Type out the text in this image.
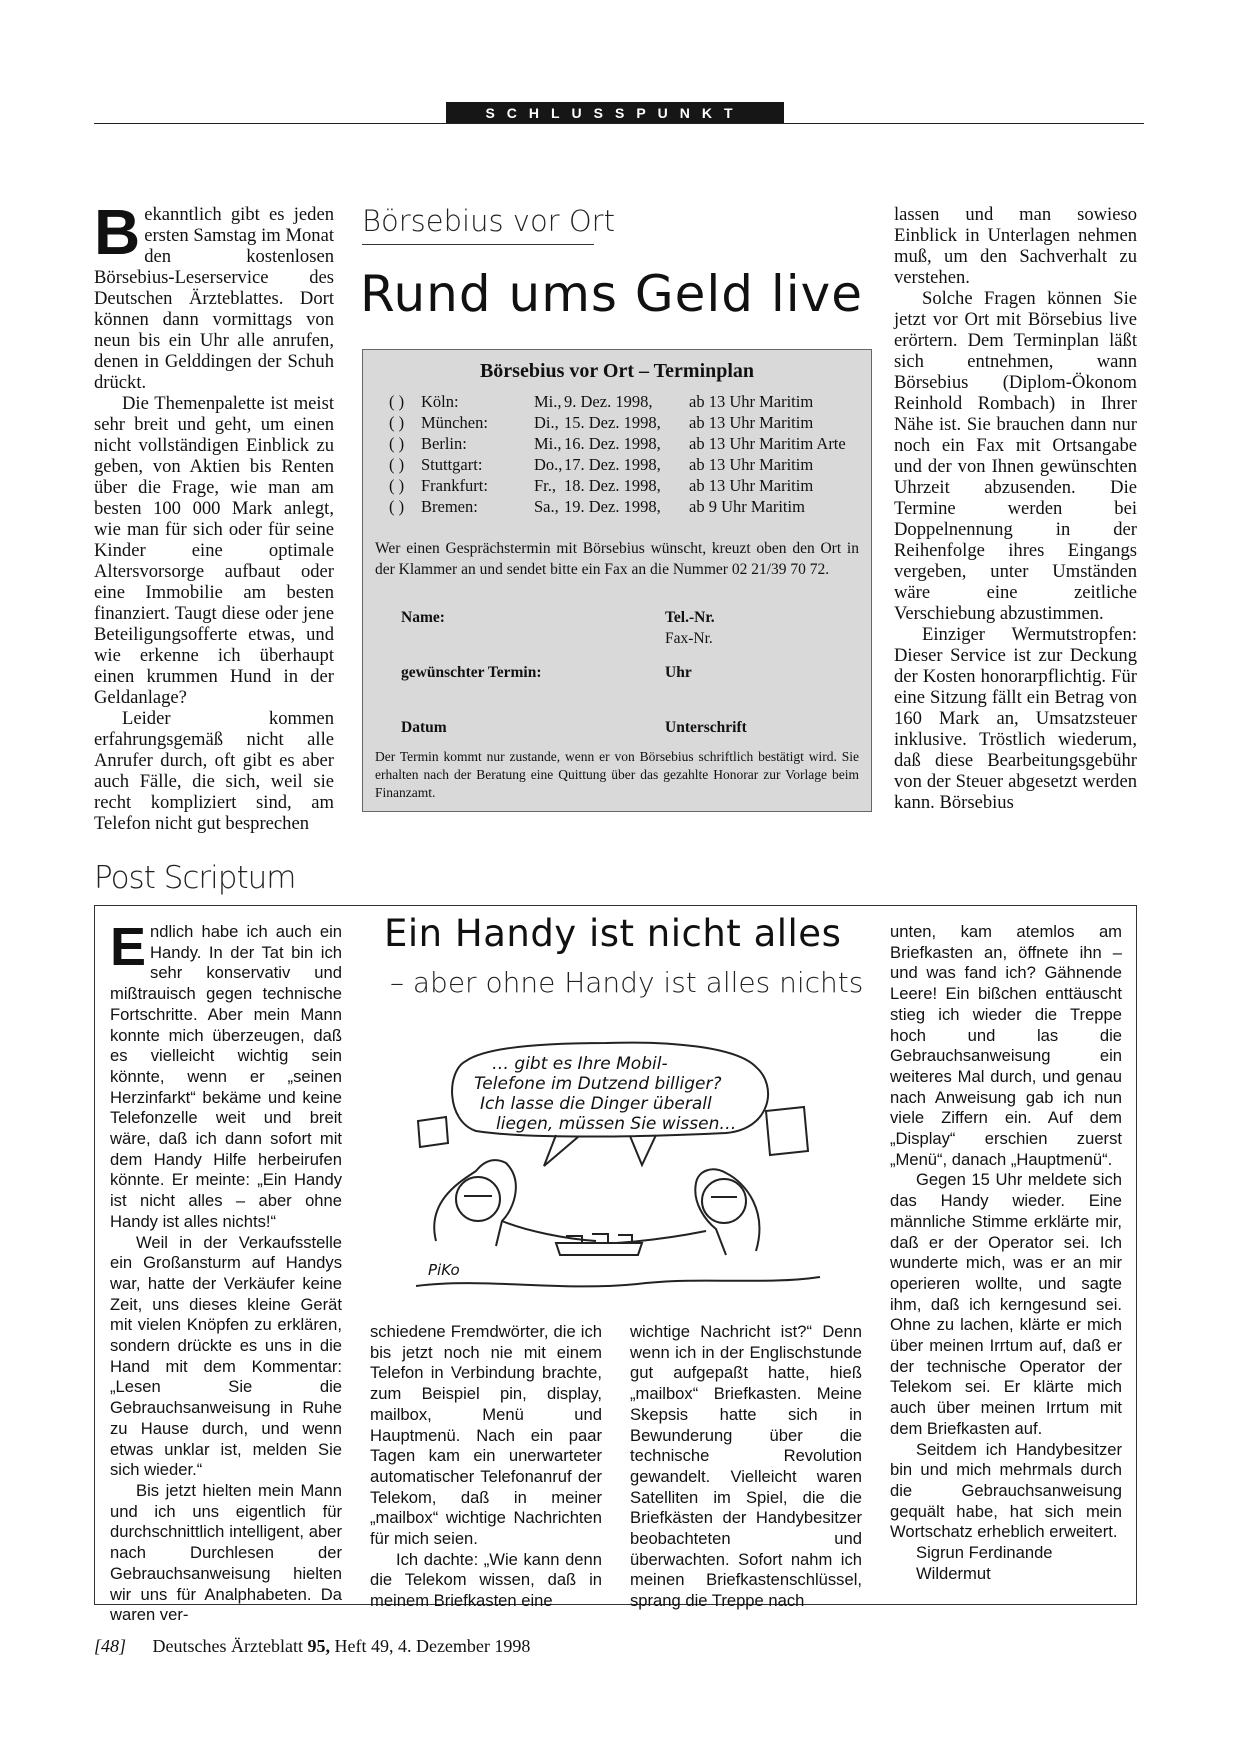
SCHLUSSPUNKT
B ekanntlich gibt es jeden ersten Samstag im Monat den kostenlosen Börsebius-Leserservice des Deutschen Ärzteblattes. Dort können dann vormittags von neun bis ein Uhr alle anrufen, denen in Gelddingen der Schuh drückt.

Die Themenpalette ist meist sehr breit und geht, um einen nicht vollständigen Einblick zu geben, von Aktien bis Renten über die Frage, wie man am besten 100 000 Mark anlegt, wie man für sich oder für seine Kinder eine optimale Altersvorsorge aufbaut oder eine Immobilie am besten finanziert. Taugt diese oder jene Beteiligungsofferte etwas, und wie erkenne ich überhaupt einen krummen Hund in der Geldanlage?

Leider kommen erfahrungsgemäß nicht alle Anrufer durch, oft gibt es aber auch Fälle, die sich, weil sie recht kompliziert sind, am Telefon nicht gut besprechen

Börsebius vor Ort
Rund ums Geld live
Börsebius vor Ort – Terminplan
( ) Köln:	Mi., 9. Dez. 1998, ab 13 Uhr Maritim
( ) München:	Di., 15. Dez. 1998, ab 13 Uhr Maritim
( ) Berlin:	Mi., 16. Dez. 1998, ab 13 Uhr Maritim Arte
( ) Stuttgart:	Do., 17. Dez. 1998, ab 13 Uhr Maritim
( ) Frankfurt:	Fr., 18. Dez. 1998, ab 13 Uhr Maritim
( ) Bremen:	Sa., 19. Dez. 1998, ab 9 Uhr Maritim
Wer einen Gesprächstermin mit Börsebius wünscht, kreuzt oben den Ort in der Klammer an und sendet bitte ein Fax an die Nummer 02 21/39 70 72.
Name:	Tel.-Nr.
Fax-Nr.
gewünschter Termin:	Uhr
Datum	Unterschrift
Der Termin kommt nur zustande, wenn er von Börsebius schriftlich bestätigt wird. Sie erhalten nach der Beratung eine Quittung über das gezahlte Honorar zur Vorlage beim Finanzamt.

lassen und man sowieso Einblick in Unterlagen nehmen muß, um den Sachverhalt zu verstehen.

Solche Fragen können Sie jetzt vor Ort mit Börsebius live erörtern. Dem Terminplan läßt sich entnehmen, wann Börsebius (Diplom-Ökonom Reinhold Rombach) in Ihrer Nähe ist. Sie brauchen dann nur noch ein Fax mit Ortsangabe und der von Ihnen gewünschten Uhrzeit abzusenden. Die Termine werden bei Doppelnennung in der Reihenfolge ihres Eingangs vergeben, unter Umständen wäre eine zeitliche Verschiebung abzustimmen.

Einziger Wermutstropfen: Dieser Service ist zur Deckung der Kosten honorarpflichtig. Für eine Sitzung fällt ein Betrag von 160 Mark an, Umsatzsteuer inklusive. Tröstlich wiederum, daß diese Bearbeitungsgebühr von der Steuer abgesetzt werden kann. Börsebius

Post Scriptum
E ndlich habe ich auch ein Handy. In der Tat bin ich sehr konservativ und mißtrauisch gegen technische Fortschritte. Aber mein Mann konnte mich überzeugen, daß es vielleicht wichtig sein könnte, wenn er „seinen Herzinfarkt“ bekäme und keine Telefonzelle weit und breit wäre, daß ich dann sofort mit dem Handy Hilfe herbeirufen könnte. Er meinte: „Ein Handy ist nicht alles – aber ohne Handy ist alles nichts!“

Weil in der Verkaufsstelle ein Großansturm auf Handys war, hatte der Verkäufer keine Zeit, uns dieses kleine Gerät mit vielen Knöpfen zu erklären, sondern drückte es uns in die Hand mit dem Kommentar: „Lesen Sie die Gebrauchsanweisung in Ruhe zu Hause durch, und wenn etwas unklar ist, melden Sie sich wieder.“

Bis jetzt hielten mein Mann und ich uns eigentlich für durchschnittlich intelligent, aber nach Durchlesen der Gebrauchsanweisung hielten wir uns für Analphabeten. Da waren ver-

Ein Handy ist nicht alles
– aber ohne Handy ist alles nichts
… gibt es Ihre Mobil-
Telefone im Dutzend billiger?
Ich lasse die Dinger überall
liegen, müssen Sie wissen…
PiKo

schiedene Fremdwörter, die ich bis jetzt noch nie mit einem Telefon in Verbindung brachte, zum Beispiel pin, display, mailbox, Menü und Hauptmenü. Nach ein paar Tagen kam ein unerwarteter automatischer Telefonanruf der Telekom, daß in meiner „mailbox“ wichtige Nachrichten für mich seien.

Ich dachte: „Wie kann denn die Telekom wissen, daß in meinem Briefkasten eine

wichtige Nachricht ist?“ Denn wenn ich in der Englischstunde gut aufgepaßt hatte, hieß „mailbox“ Briefkasten. Meine Skepsis hatte sich in Bewunderung über die technische Revolution gewandelt. Vielleicht waren Satelliten im Spiel, die die Briefkästen der Handybesitzer beobachteten und überwachten. Sofort nahm ich meinen Briefkastenschlüssel, sprang die Treppe nach

unten, kam atemlos am Briefkasten an, öffnete ihn – und was fand ich? Gähnende Leere! Ein bißchen enttäuscht stieg ich wieder die Treppe hoch und las die Gebrauchsanweisung ein weiteres Mal durch, und genau nach Anweisung gab ich nun viele Ziffern ein. Auf dem „Display“ erschien zuerst „Menü“, danach „Hauptmenü“.

Gegen 15 Uhr meldete sich das Handy wieder. Eine männliche Stimme erklärte mir, daß er der Operator sei. Ich wunderte mich, was er an mir operieren wollte, und sagte ihm, daß ich kerngesund sei. Ohne zu lachen, klärte er mich über meinen Irrtum auf, daß er der technische Operator der Telekom sei. Er klärte mich auch über meinen Irrtum mit dem Briefkasten auf.

Seitdem ich Handybesitzer bin und mich mehrmals durch die Gebrauchsanweisung gequält habe, hat sich mein Wortschatz erheblich erweitert.

Sigrun Ferdinande

Wildermut

[48] Deutsches Ärzteblatt 95, Heft 49, 4. Dezember 1998
